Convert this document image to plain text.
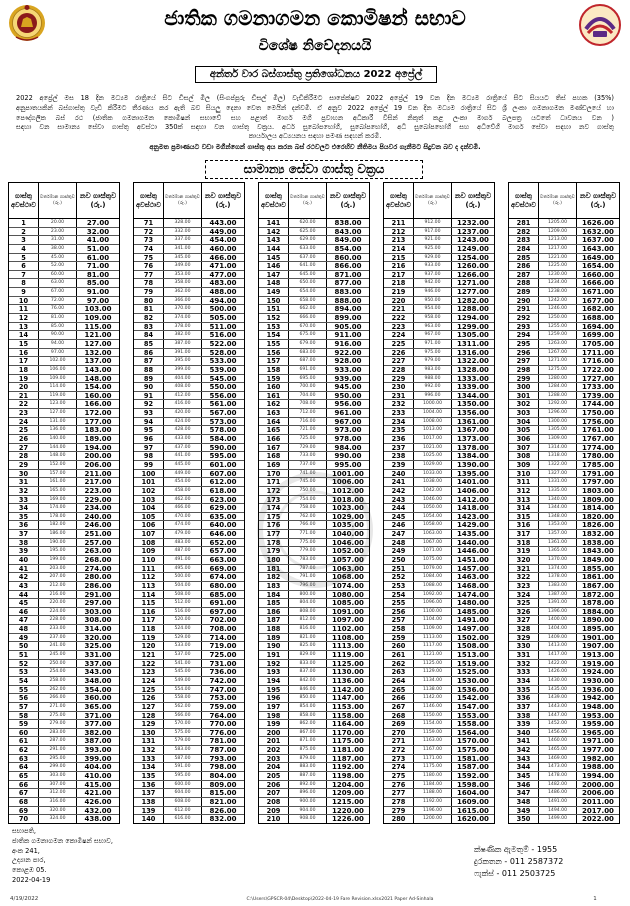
ජාතික ගමනාගමන කොමිෂන් සභාව
විශේෂ නිවේදනයයි
අන්තර් වාර බස්ගාස්තු ප්‍රතිශෝධනය 2022 අප්‍රේල්
2022 අප්‍රේල් මස 18 දින මධ්‍යම රාත්‍රියේ සිට ඩීසල් මිල (සිංගප්පූරු ඩීසල් මිල) වැඩිකිරීමට සාපේක්ෂව 2022 අප්‍රේල් 19 වන දින මධ්‍යම රාත්‍රියේ සිට සියයට තිස් පහක (35%)
අනුපාතයකින් බස්ගාස්තු වැඩි කිරීමට තීරණය කර ඇති බව සියලු දෙනා වෙත මෙයින් දන්වමි. ඒ අනුව 2022 අප්‍රේල් 19 වන දින මධ්‍යම රාත්‍රියේ සිට ශ්‍රී ලංකා ගමනාගමන මණ්ඩලයේ හා
පෞද්ගලික බස් රථ (ජාතික ගමනාගමන කොමිෂන් සභාවේ සහ පළාත් මාර්ග මගී ප්‍රවාහන අධිකාරී විසින් නිකුත් කළ ලංකා මාර්ග බලපත්‍ර යටතේ ධාවනය වන )
සඳහා වන සාමාන්‍ය සේවා ගාස්තු අවස්ථා 350ක් සඳහා වන ගාස්තු වක්‍රය. අර්ධ සුඛෝපභෝගී, සුඛෝපභෝගී, අධි සුඛෝපභෝගී සහ අධිවේගී මාර්ග සේවා සඳහා නව ගාස්තු
කාර්යාලය අධ්‍යයනය සඳහා පමණ සඳහන් කරමි.
අනුමත ප්‍රමාණයට වඩා මගීන්ගෙන් ගාස්තු අය කරන බස් රථවලට එරෙහිව නීතිමය පියවර ගැනීමට සිදුවන බව ද දන්වමි.
සාමාන්‍ය සේවා ගාස්තු වක්‍රය
ගාස්තු අවස්ථාව
වර්තමාන ගාස්තුව (රු.)
නව ගාස්තුව (රු.)
1	20.00	27.00
2	23.00	32.00
3	31.00	41.00
4	38.00	51.00
5	45.00	61.00
6	52.00	71.00
7	60.00	81.00
8	63.00	85.00
9	67.00	91.00
10	72.00	97.00
11	76.00	103.00
12	81.00	109.00
13	85.00	115.00
14	90.00	121.00
15	94.00	127.00
16	97.00	132.00
17	102.00	137.00
18	106.00	143.00
19	109.00	148.00
20	114.00	154.00
21	119.00	160.00
22	123.00	166.00
23	127.00	172.00
24	131.00	177.00
25	136.00	183.00
26	140.00	189.00
27	144.00	194.00
28	148.00	200.00
29	152.00	206.00
30	157.00	211.00
31	161.00	217.00
32	165.00	223.00
33	169.00	229.00
34	174.00	234.00
35	178.00	240.00
36	182.00	246.00
37	186.00	251.00
38	190.00	257.00
39	195.00	263.00
40	199.00	268.00
41	203.00	274.00
42	207.00	280.00
43	212.00	286.00
44	216.00	291.00
45	220.00	297.00
46	224.00	303.00
47	228.00	308.00
48	233.00	314.00
49	237.00	320.00
50	241.00	325.00
51	245.00	331.00
52	250.00	337.00
53	254.00	343.00
54	258.00	348.00
55	262.00	354.00
56	266.00	360.00
57	271.00	365.00
58	275.00	371.00
59	279.00	377.00
60	283.00	382.00
61	287.00	387.00
62	291.00	393.00
63	295.00	399.00
64	299.00	404.00
65	303.00	410.00
66	307.00	415.00
67	312.00	421.00
68	316.00	426.00
69	320.00	432.00
70	324.00	438.00
ගාස්තු අවස්ථාව
වර්තමාන ගාස්තුව (රු.)
නව ගාස්තුව (රු.)
71	328.00	443.00
72	332.00	449.00
73	337.00	454.00
74	341.00	460.00
75	345.00	466.00
76	349.00	471.00
77	353.00	477.00
78	358.00	483.00
79	362.00	488.00
80	366.00	494.00
81	370.00	500.00
82	374.00	505.00
83	378.00	511.00
84	382.00	516.00
85	387.00	522.00
86	391.00	528.00
87	395.00	533.00
88	399.00	539.00
89	404.00	545.00
90	408.00	550.00
91	412.00	556.00
92	416.00	561.00
93	420.00	567.00
94	424.00	573.00
95	428.00	578.00
96	433.00	584.00
97	437.00	590.00
98	441.00	595.00
99	445.00	601.00
100	449.00	607.00
101	454.00	612.00
102	458.00	618.00
103	462.00	623.00
104	466.00	629.00
105	470.00	635.00
106	474.00	640.00
107	479.00	646.00
108	483.00	652.00
109	487.00	657.00
110	491.00	663.00
111	495.00	669.00
112	500.00	674.00
113	504.00	680.00
114	508.00	685.00
115	512.00	691.00
116	516.00	697.00
117	520.00	702.00
118	524.00	708.00
119	529.00	714.00
120	533.00	719.00
121	537.00	725.00
122	541.00	731.00
123	545.00	736.00
124	549.00	742.00
125	554.00	747.00
126	558.00	753.00
127	562.00	759.00
128	566.00	764.00
129	570.00	770.00
130	575.00	776.00
131	579.00	781.00
132	583.00	787.00
133	587.00	793.00
134	591.00	798.00
135	595.00	804.00
136	600.00	809.00
137	604.00	815.00
138	608.00	821.00
139	612.00	826.00
140	616.00	832.00
ගාස්තු අවස්ථාව
වර්තමාන ගාස්තුව (රු.)
නව ගාස්තුව (රු.)
141	620.00	838.00
142	625.00	843.00
143	629.00	849.00
144	633.00	854.00
145	637.00	860.00
146	641.00	866.00
147	645.00	871.00
148	650.00	877.00
149	654.00	883.00
150	658.00	888.00
151	662.00	894.00
152	666.00	899.00
153	670.00	905.00
154	675.00	911.00
155	679.00	916.00
156	683.00	922.00
157	687.00	928.00
158	691.00	933.00
159	695.00	939.00
160	700.00	945.00
161	704.00	950.00
162	708.00	956.00
163	712.00	961.00
164	716.00	967.00
165	721.00	973.00
166	725.00	978.00
167	729.00	984.00
168	733.00	990.00
169	737.00	995.00
170	741.00	1001.00
171	745.00	1006.00
172	750.00	1012.00
173	754.00	1018.00
174	758.00	1023.00
175	762.00	1029.00
176	766.00	1035.00
177	771.00	1040.00
178	775.00	1046.00
179	779.00	1052.00
180	783.00	1057.00
181	787.00	1063.00
182	791.00	1068.00
183	796.00	1074.00
184	800.00	1080.00
185	804.00	1085.00
186	808.00	1091.00
187	812.00	1097.00
188	816.00	1102.00
189	821.00	1108.00
190	825.00	1113.00
191	829.00	1119.00
192	833.00	1125.00
193	837.00	1130.00
194	842.00	1136.00
195	846.00	1142.00
196	850.00	1147.00
197	854.00	1153.00
198	858.00	1158.00
199	862.00	1164.00
200	867.00	1170.00
201	871.00	1175.00
202	875.00	1181.00
203	879.00	1187.00
204	883.00	1192.00
205	887.00	1198.00
206	892.00	1204.00
207	896.00	1209.00
208	900.00	1215.00
209	904.00	1220.00
210	908.00	1226.00
ගාස්තු අවස්ථාව
වර්තමාන ගාස්තුව (රු.)
නව ගාස්තුව (රු.)
211	912.00	1232.00
212	917.00	1237.00
213	921.00	1243.00
214	925.00	1249.00
215	929.00	1254.00
216	933.00	1260.00
217	937.00	1266.00
218	942.00	1271.00
219	946.00	1277.00
220	950.00	1282.00
221	954.00	1288.00
222	958.00	1294.00
223	963.00	1299.00
224	967.00	1305.00
225	971.00	1311.00
226	975.00	1316.00
227	979.00	1322.00
228	983.00	1328.00
229	988.00	1333.00
230	992.00	1339.00
231	996.00	1344.00
232	1000.00	1350.00
233	1004.00	1356.00
234	1008.00	1361.00
235	1013.00	1367.00
236	1017.00	1373.00
237	1021.00	1378.00
238	1025.00	1384.00
239	1029.00	1390.00
240	1033.00	1395.00
241	1038.00	1401.00
242	1042.00	1406.00
243	1046.00	1412.00
244	1050.00	1418.00
245	1054.00	1423.00
246	1058.00	1429.00
247	1063.00	1435.00
248	1067.00	1440.00
249	1071.00	1446.00
250	1075.00	1451.00
251	1079.00	1457.00
252	1084.00	1463.00
253	1088.00	1468.00
254	1092.00	1474.00
255	1096.00	1480.00
256	1100.00	1485.00
257	1104.00	1491.00
258	1109.00	1497.00
259	1113.00	1502.00
260	1117.00	1508.00
261	1121.00	1513.00
262	1125.00	1519.00
263	1129.00	1525.00
264	1134.00	1530.00
265	1138.00	1536.00
266	1142.00	1542.00
267	1146.00	1547.00
268	1150.00	1553.00
269	1154.00	1558.00
270	1159.00	1564.00
271	1163.00	1570.00
272	1167.00	1575.00
273	1171.00	1581.00
274	1175.00	1587.00
275	1180.00	1592.00
276	1184.00	1598.00
277	1188.00	1604.00
278	1192.00	1609.00
279	1196.00	1615.00
280	1200.00	1620.00
ගාස්තු අවස්ථාව
වර්තමාන ගාස්තුව (රු.)
නව ගාස්තුව (රු.)
281	1205.00	1626.00
282	1209.00	1632.00
283	1213.00	1637.00
284	1217.00	1643.00
285	1221.00	1649.00
286	1225.00	1654.00
287	1230.00	1660.00
288	1234.00	1666.00
289	1238.00	1671.00
290	1242.00	1677.00
291	1246.00	1682.00
292	1250.00	1688.00
293	1255.00	1694.00
294	1259.00	1699.00
295	1263.00	1705.00
296	1267.00	1711.00
297	1271.00	1716.00
298	1275.00	1722.00
299	1280.00	1727.00
300	1284.00	1733.00
301	1288.00	1739.00
302	1292.00	1744.00
303	1296.00	1750.00
304	1300.00	1756.00
305	1305.00	1761.00
306	1309.00	1767.00
307	1314.00	1774.00
308	1318.00	1780.00
309	1322.00	1785.00
310	1327.00	1791.00
311	1331.00	1797.00
312	1335.00	1803.00
313	1340.00	1809.00
314	1344.00	1814.00
315	1348.00	1820.00
316	1353.00	1826.00
317	1357.00	1832.00
318	1361.00	1838.00
319	1365.00	1843.00
320	1370.00	1849.00
321	1374.00	1855.00
322	1378.00	1861.00
323	1383.00	1867.00
324	1387.00	1872.00
325	1391.00	1878.00
326	1396.00	1884.00
327	1400.00	1890.00
328	1404.00	1895.00
329	1409.00	1901.00
330	1413.00	1907.00
331	1417.00	1913.00
332	1422.00	1919.00
333	1426.00	1924.00
334	1430.00	1930.00
335	1435.00	1936.00
336	1439.00	1942.00
337	1443.00	1948.00
338	1447.00	1953.00
339	1452.00	1959.00
340	1456.00	1965.00
341	1460.00	1971.00
342	1465.00	1977.00
343	1469.00	1982.00
344	1473.00	1988.00
345	1478.00	1994.00
346	1482.00	2000.00
347	1486.00	2006.00
348	1491.00	2011.00
349	1494.00	2017.00
350	1499.00	2022.00
සභාපති,
ජාතික ගමනාගමන කොමිෂන් සභාව,
අංක 241,
උද්‍යාන පාර,
කොළඹ 05.
2022-04-19
ක්ෂණික ඇමතුම් - 1955
දුරකතන - 011 2587372
ෆැක්ස් - 011 2503725
4/19/2022	C:\Users\GPSCR-04\Desktop\2022-04-19 Fare Revision.xlsx2021 Paper Ad-Sinhala	1
